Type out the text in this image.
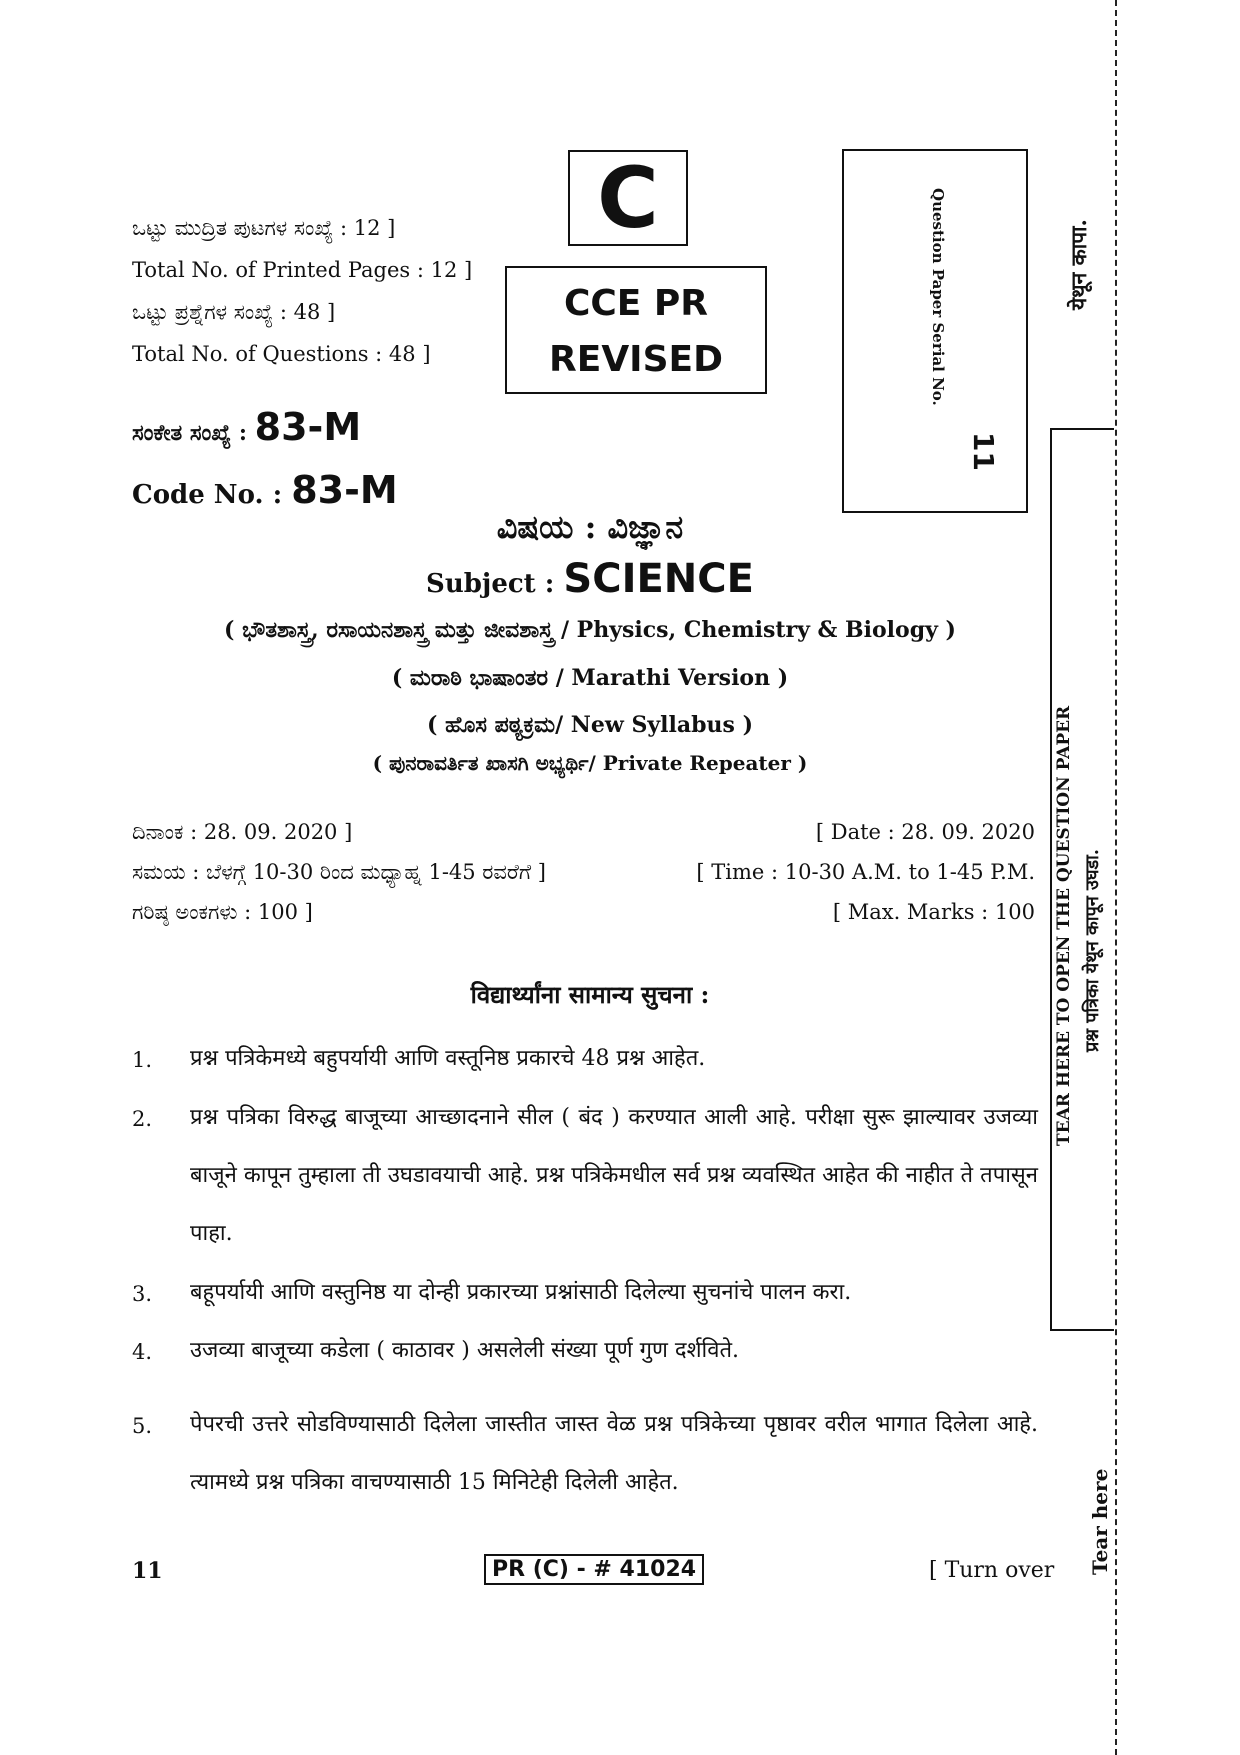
ಒಟ್ಟು ಮುದ್ರಿತ ಪುಟಗಳ ಸಂಖ್ಯೆ : 12 ]
Total No. of Printed Pages : 12 ]
ಒಟ್ಟು ಪ್ರಶ್ನೆಗಳ ಸಂಖ್ಯೆ : 48 ]
Total No. of Questions : 48 ]
ಸಂಕೇತ ಸಂಖ್ಯೆ : 83-M
Code No. : 83-M
C
CCE PR
REVISED	Question Paper Serial No.
11
ವಿಷಯ : ವಿಜ್ಞಾನ
Subject : SCIENCE
( ಭೌತಶಾಸ್ತ್ರ, ರಸಾಯನಶಾಸ್ತ್ರ ಮತ್ತು ಜೀವಶಾಸ್ತ್ರ / Physics, Chemistry & Biology )
( ಮರಾಠಿ ಭಾಷಾಂತರ / Marathi Version )
( ಹೊಸ ಪಠ್ಯಕ್ರಮ/ New Syllabus )
( ಪುನರಾವರ್ತಿತ ಖಾಸಗಿ ಅಭ್ಯರ್ಥಿ/ Private Repeater )
ದಿನಾಂಕ : 28. 09. 2020 ]	[ Date : 28. 09. 2020
ಸಮಯ : ಬೆಳಗ್ಗೆ 10-30 ರಿಂದ ಮಧ್ಯಾಹ್ನ 1-45 ರವರೆಗೆ ]	[ Time : 10-30 A.M. to 1-45 P.M.
ಗರಿಷ್ಠ ಅಂಕಗಳು : 100 ]	[ Max. Marks : 100
विद्यार्थ्यांना सामान्य सुचना :
1. प्रश्न पत्रिकेमध्ये बहुपर्यायी आणि वस्तूनिष्ठ प्रकारचे 48 प्रश्न आहेत.
2. प्रश्न पत्रिका विरुद्ध बाजूच्या आच्छादनाने सील ( बंद ) करण्यात आली आहे. परीक्षा सुरू झाल्यावर उजव्या बाजूने कापून तुम्हाला ती उघडावयाची आहे. प्रश्न पत्रिकेमधील सर्व प्रश्न व्यवस्थित आहेत की नाहीत ते तपासून पाहा.
3. बहूपर्यायी आणि वस्तुनिष्ठ या दोन्ही प्रकारच्या प्रश्नांसाठी दिलेल्या सुचनांचे पालन करा.
4. उजव्या बाजूच्या कडेला ( काठावर ) असलेली संख्या पूर्ण गुण दर्शविते.
5. पेपरची उत्तरे सोडविण्यासाठी दिलेला जास्तीत जास्त वेळ प्रश्न पत्रिकेच्या पृष्ठावर वरील भागात दिलेला आहे. त्यामध्ये प्रश्न पत्रिका वाचण्यासाठी 15 मिनिटेही दिलेली आहेत.
11	PR (C) - # 41024	[ Turn over
येथून कापा.
TEAR HERE TO OPEN THE QUESTION PAPER प्रश्न पत्रिका येथून कापून उघडा.
Tear here
